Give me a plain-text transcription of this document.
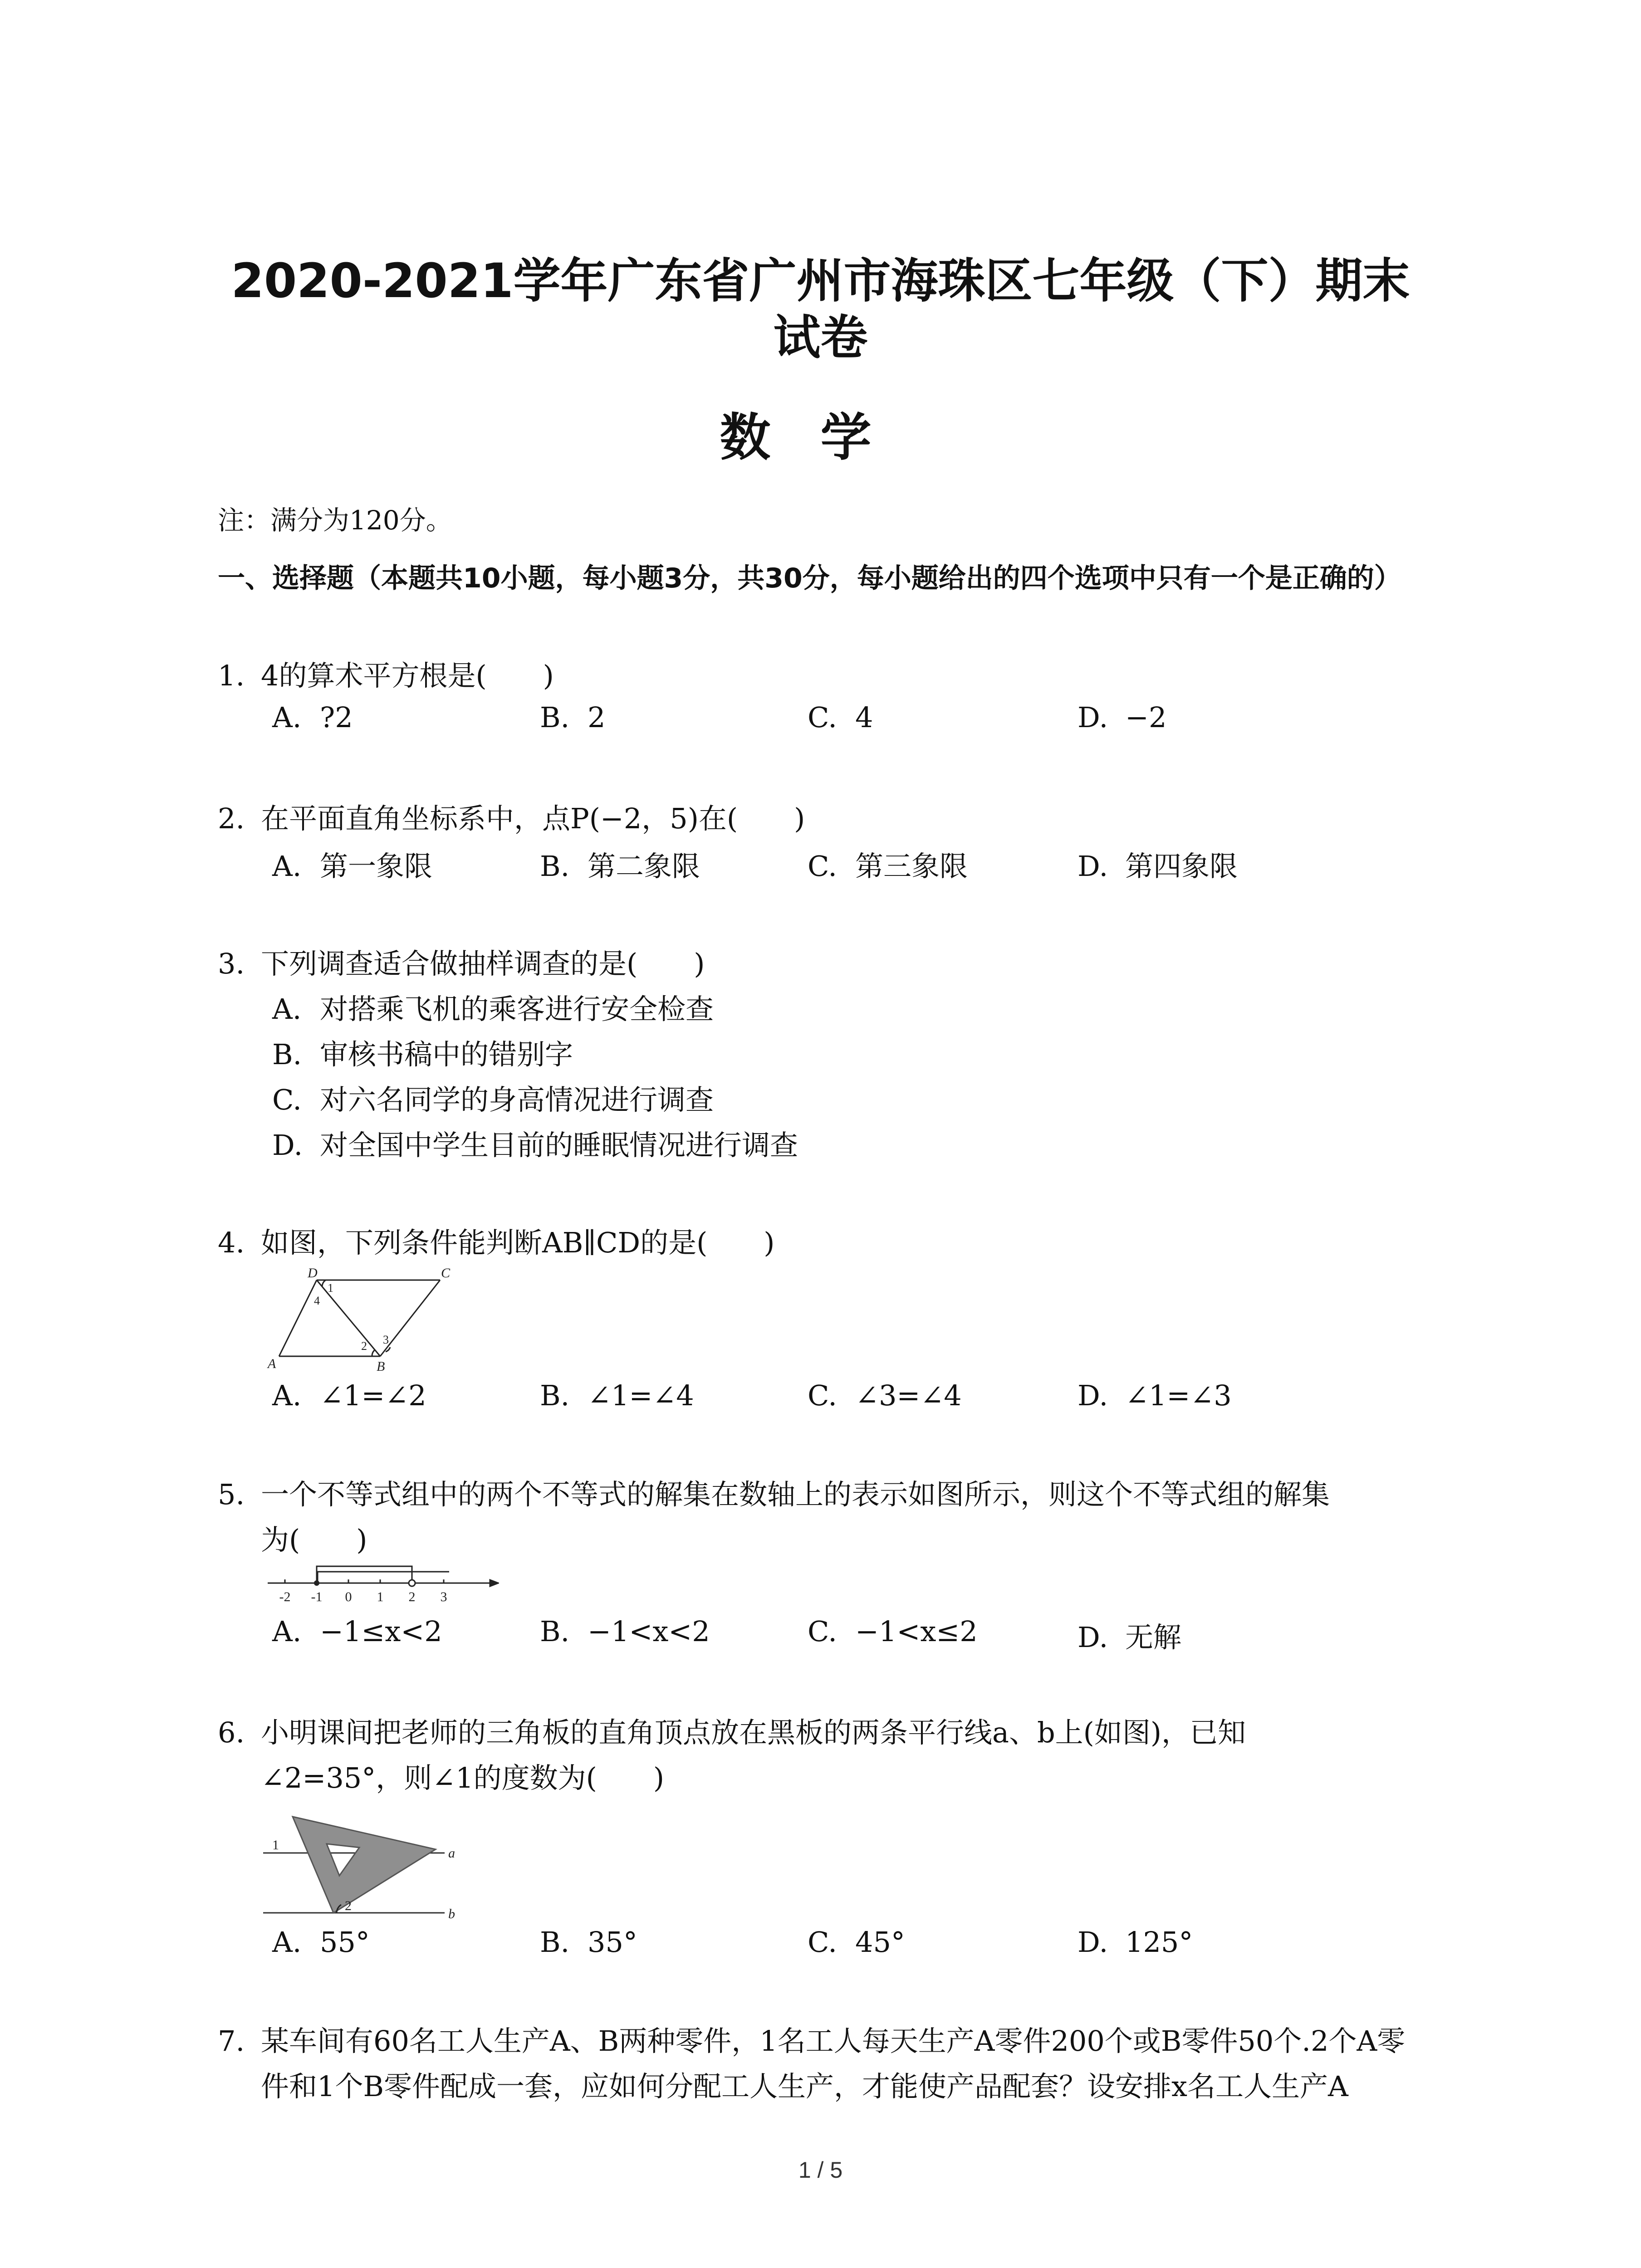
2020-2021学年广东省广州市海珠区七年级（下）期末
试卷
数学
注：满分为120分。
一、选择题（本题共10小题，每小题3分，共30分，每小题给出的四个选项中只有一个是正确的）
1. 4的算术平方根是(　　)
A. ?2	B. 2	C. 4	D. −2
2. 在平面直角坐标系中，点P(−2，5)在(　　)
A. 第一象限	B. 第二象限	C. 第三象限	D. 第四象限
3. 下列调查适合做抽样调查的是(　　)
A. 对搭乘飞机的乘客进行安全检查
B. 审核书稿中的错别字
C. 对六名同学的身高情况进行调查
D. 对全国中学生目前的睡眠情况进行调查
4. 如图，下列条件能判断AB∥CD的是(　　)
D	C
A	B
1
4
2 3
A. ∠1=∠2	B. ∠1=∠4	C. ∠3=∠4	D. ∠1=∠3
5. 一个不等式组中的两个不等式的解集在数轴上的表示如图所示，则这个不等式组的解集
为(　　)
-2 -1 0 1 2 3
A. −1≤x<2	B. −1<x<2	C. −1<x≤2	D. 无解
6. 小明课间把老师的三角板的直角顶点放在黑板的两条平行线a、b上(如图)，已知
∠2=35°，则∠1的度数为(　　)
1
2
a
b
A. 55°	B. 35°	C. 45°	D. 125°
7. 某车间有60名工人生产A、B两种零件，1名工人每天生产A零件200个或B零件50个.2个A零
件和1个B零件配成一套，应如何分配工人生产，才能使产品配套？设安排x名工人生产A
1 / 5
